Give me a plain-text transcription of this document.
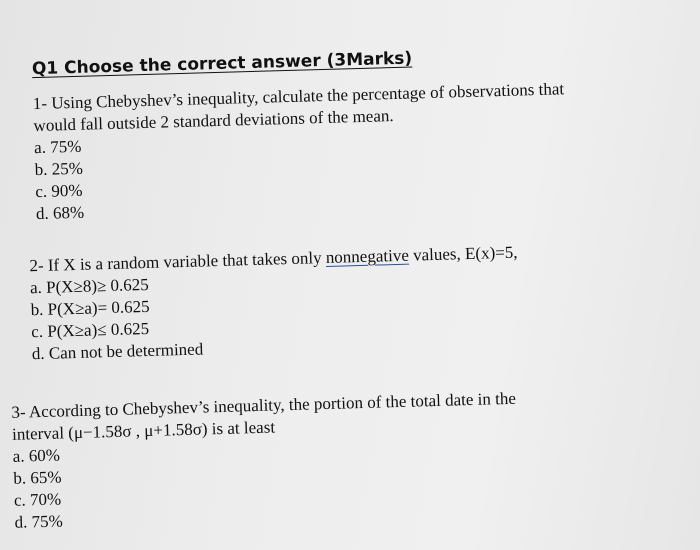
Q1 Choose the correct answer (3Marks)

1- Using Chebyshev’s inequality, calculate the percentage of observations that

would fall outside 2 standard deviations of the mean.

a. 75%
b. 25%
c. 90%
d. 68%

2- If X is a random variable that takes only nonnegative values, E(x)=5,

a. P(X≥8)≥ 0.625
b. P(X≥a)= 0.625
c. P(X≥a)≤ 0.625
d. Can not be determined

3- According to Chebyshev’s inequality, the portion of the total date in the

interval (μ−1.58σ , μ+1.58σ) is at least

a. 60%
b. 65%
c. 70%
d. 75%
